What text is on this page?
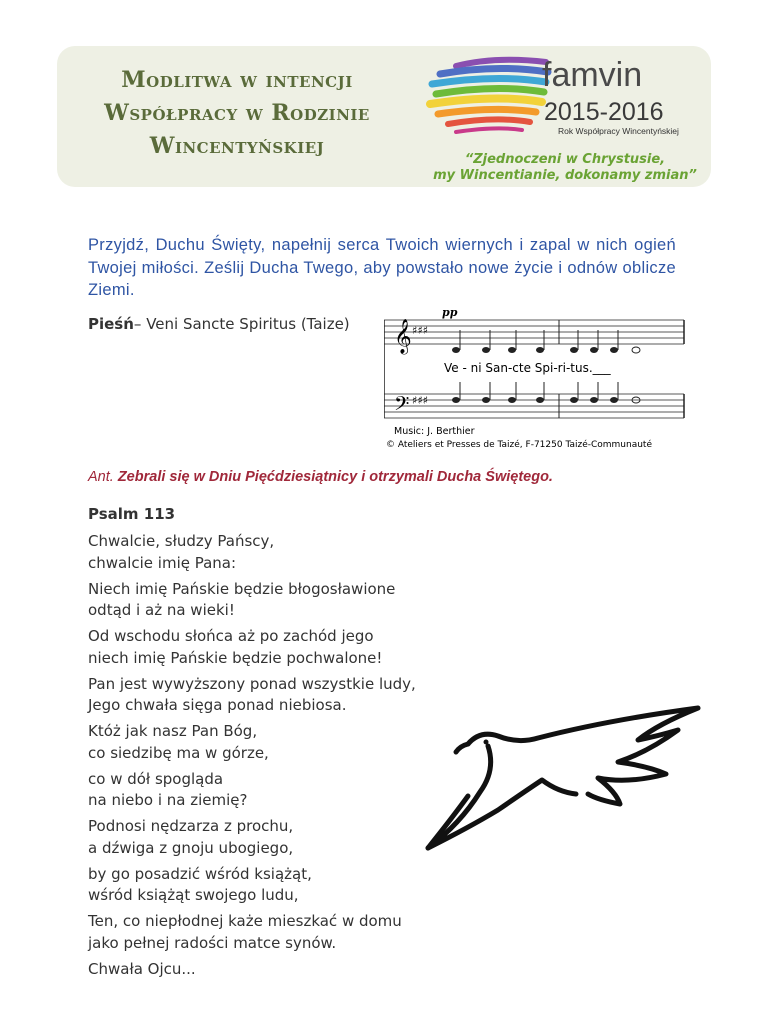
Modlitwa w intencji
Współpracy w Rodzinie
Wincentyńskiej
famvin
2015-2016
Rok Współpracy Wincentyńskiej
“Zjednoczeni w Chrystusie,
my Wincentianie, dokonamy zmian”
Przyjdź, Duchu Święty, napełnij serca Twoich wiernych i zapal w nich ogień Twojej miłości. Ześlij Ducha Twego, aby powstało nowe życie i odnów oblicze Ziemi.
Pieśń– Veni Sancte Spiritus (Taize) 𝄞
𝄢
♯♯♯
♯♯♯
pp
Ve - ni San-cte Spi-ri-tus.___
Music: J. Berthier
© Ateliers et Presses de Taizé, F-71250 Taizé-Communauté
Ant. Zebrali się w Dniu Pięćdziesiątnicy i otrzymali Ducha Świętego.
Psalm 113
Chwalcie, słudzy Pańscy,
chwalcie imię Pana:
Niech imię Pańskie będzie błogosławione
odtąd i aż na wieki!
Od wschodu słońca aż po zachód jego
niech imię Pańskie będzie pochwalone!
Pan jest wywyższony ponad wszystkie ludy,
Jego chwała sięga ponad niebiosa.
Któż jak nasz Pan Bóg,
co siedzibę ma w górze,
co w dół spogląda
na niebo i na ziemię?
Podnosi nędzarza z prochu,
a dźwiga z gnoju ubogiego,
by go posadzić wśród książąt,
wśród książąt swojego ludu,
Ten, co niepłodnej każe mieszkać w domu
jako pełnej radości matce synów.
Chwała Ojcu...
